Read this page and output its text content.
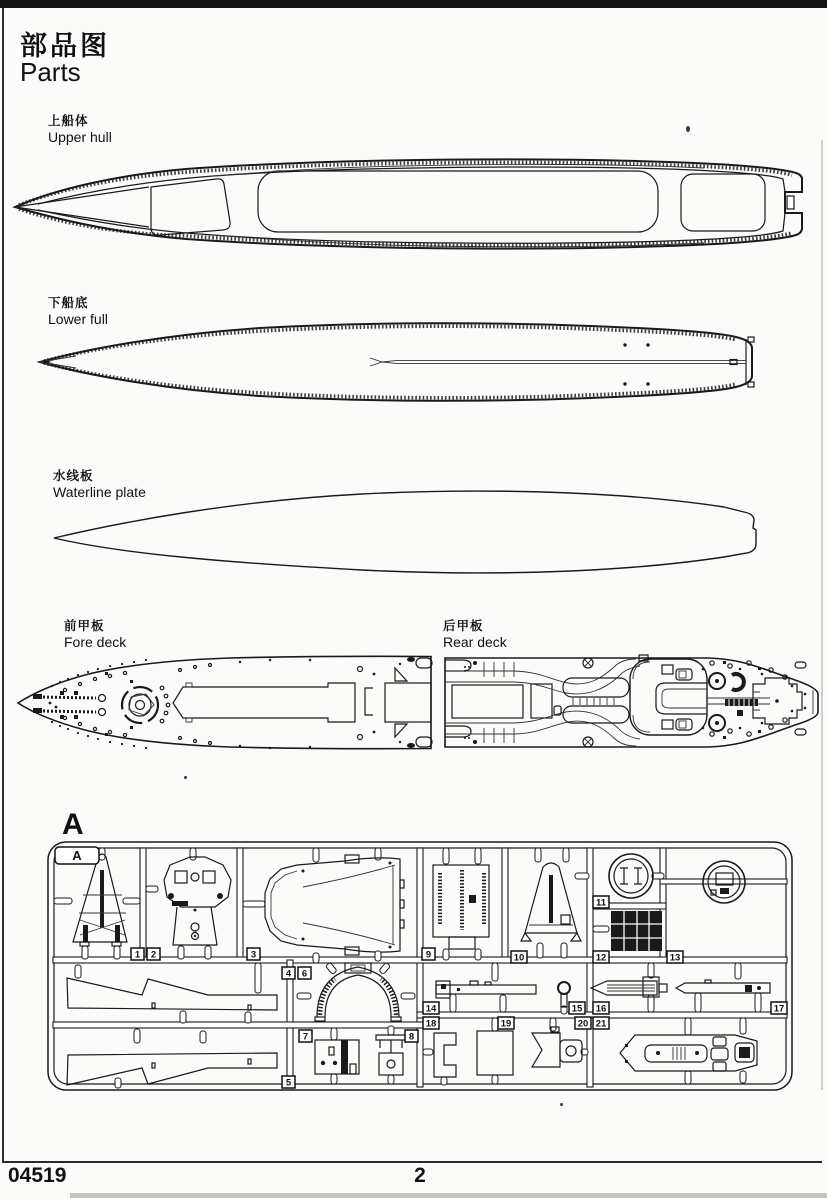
部品图
Parts
上船体
Upper hull
下船底
Lower full
水线板
Waterline plate
前甲板
Fore deck
后甲板
Rear deck
A
A
1 2	3
4
5
6
7	8
9	10
11
12	13
14	15 16	17
18	19	20 21
04519	2
